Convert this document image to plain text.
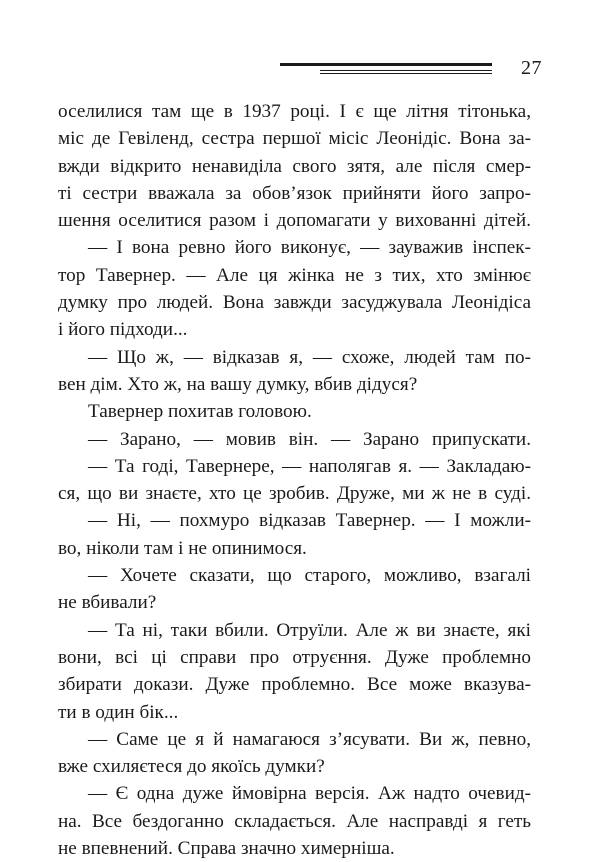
27
оселилися там ще в 1937 році. І є ще літня тітонька,
міс де Гевіленд, сестра першої місіс Леонідіс. Вона за-
вжди відкрито ненавиділа свого зятя, але після смер-
ті сестри вважала за обов’язок прийняти його запро-
шення оселитися разом і допомагати у вихованні дітей.
— І вона ревно його виконує, — зауважив інспек-
тор Тавернер. — Але ця жінка не з тих, хто змінює
думку про людей. Вона завжди засуджувала Леонідіса
і його підходи...
— Що ж, — відказав я, — схоже, людей там по-
вен дім. Хто ж, на вашу думку, вбив дідуся?
Тавернер похитав головою.
— Зарано, — мовив він. — Зарано припускати.
— Та годі, Тавернере, — наполягав я. — Закладаю-
ся, що ви знаєте, хто це зробив. Друже, ми ж не в суді.
— Ні, — похмуро відказав Тавернер. — І можли-
во, ніколи там і не опинимося.
— Хочете сказати, що старого, можливо, взагалі
не вбивали?
— Та ні, таки вбили. Отруїли. Але ж ви знаєте, які
вони, всі ці справи про отруєння. Дуже проблемно
збирати докази. Дуже проблемно. Все може вказува-
ти в один бік...
— Саме це я й намагаюся з’ясувати. Ви ж, певно,
вже схиляєтеся до якоїсь думки?
— Є одна дуже ймовірна версія. Аж надто очевид-
на. Все бездоганно складається. Але насправді я геть
не впевнений. Справа значно химерніша.
